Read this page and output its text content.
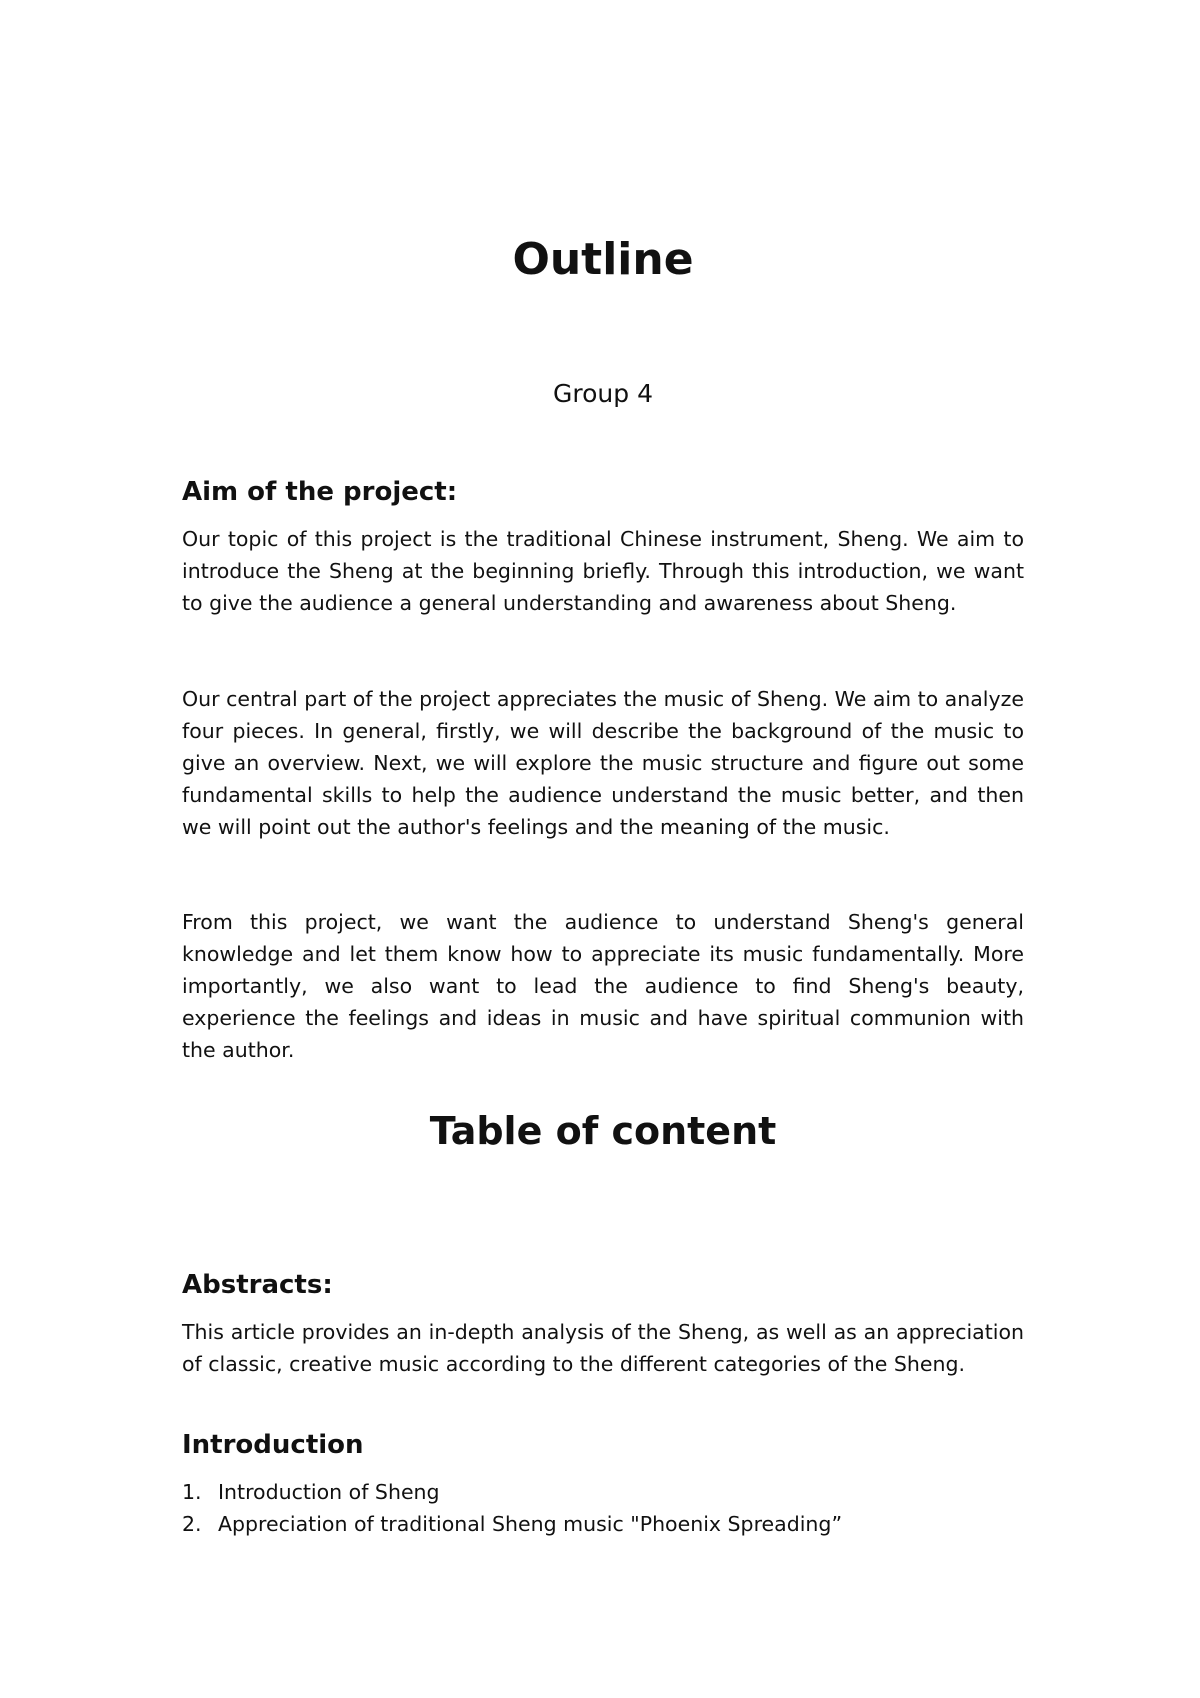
Outline

Group 4

Aim of the project:

Our topic of this project is the traditional Chinese instrument, Sheng. We aim to introduce the Sheng at the beginning briefly. Through this introduction, we want to give the audience a general understanding and awareness about Sheng.

Our central part of the project appreciates the music of Sheng. We aim to analyze four pieces. In general, firstly, we will describe the background of the music to give an overview. Next, we will explore the music structure and figure out some fundamental skills to help the audience understand the music better, and then we will point out the author's feelings and the meaning of the music.

From this project, we want the audience to understand Sheng's general knowledge and let them know how to appreciate its music fundamentally. More importantly, we also want to lead the audience to find Sheng's beauty, experience the feelings and ideas in music and have spiritual communion with the author.

Table of content
Abstracts:

This article provides an in-depth analysis of the Sheng, as well as an appreciation of classic, creative music according to the different categories of the Sheng.

Introduction
1. Introduction of Sheng
2. Appreciation of traditional Sheng music "Phoenix Spreading”
